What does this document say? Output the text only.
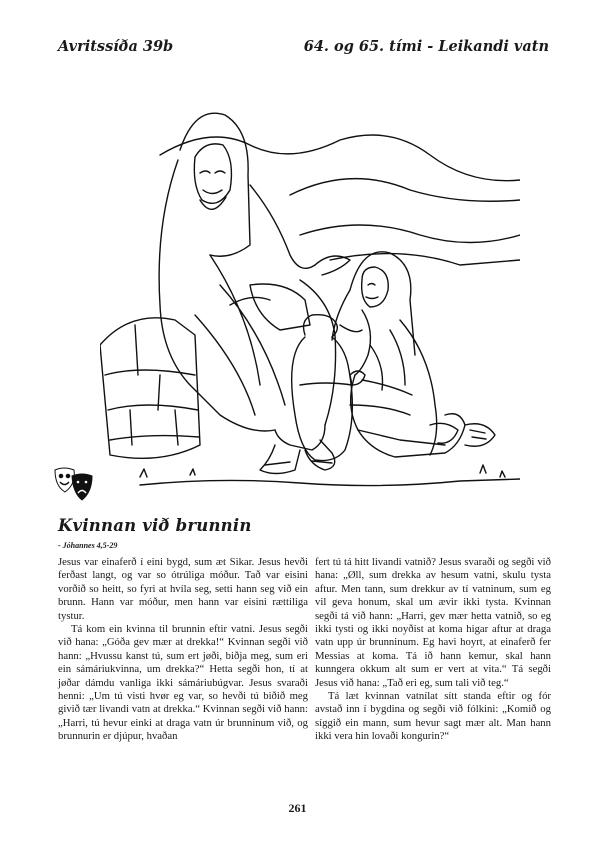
Avritssíða 39b	64. og 65. tími - Leikandi vatn
Kvinnan við brunnin
- Jóhannes 4,5-29

Jesus var einaferð í eini bygd, sum æt Sikar. Jesus hevði ferðast langt, og var so ótrúliga móður. Tað var eisini vorðið so heitt, so fyri at hvíla seg, setti hann seg við ein brunn. Hann var móður, men hann var eisini rættiliga tystur.

Tá kom ein kvinna til brunnin eftir vatni. Jesus segði við hana: „Góða gev mær at drekka!“ Kvinnan segði við hann: „Hvussu kanst tú, sum ert jøði, biðja meg, sum eri ein sámáriukvinna, um drekka?“ Hetta segði hon, tí at jøðar dámdu vanliga ikki sámáriubúgvar. Jesus svaraði henni: „Um tú visti hvør eg var, so hevði tú biðið meg givið tær livandi vatn at drekka.“ Kvinnan segði við hann: „Harri, tú hevur einki at draga vatn úr brunninum við, og brunnurin er djúpur, hvaðan

fert tú tá hitt livandi vatnið? Jesus svaraði og segði við hana: „Øll, sum drekka av hesum vatni, skulu tysta aftur. Men tann, sum drekkur av tí vatninum, sum eg vil geva honum, skal um ævir ikki tysta. Kvinnan segði tá við hann: „Harri, gev mær hetta vatnið, so eg ikki tysti og ikki noyðist at koma higar aftur at draga vatn upp úr brunninum. Eg havi hoyrt, at einaferð fer Messias at koma. Tá ið hann kemur, skal hann kunngera okkum alt sum er vert at vita.“ Tá segði Jesus við hana: „Tað eri eg, sum tali við teg.“

Tá læt kvinnan vatnílat sítt standa eftir og fór avstað inn í bygdina og segði við fólkini: „Komið og síggið ein mann, sum hevur sagt mær alt. Man hann ikki vera hin lovaði kongurin?“

261
